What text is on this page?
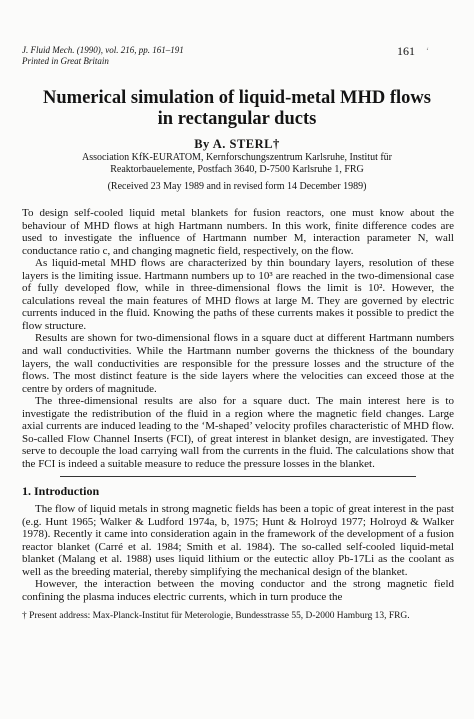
J. Fluid Mech. (1990), vol. 216, pp. 161–191
Printed in Great Britain
161 ‘
Numerical simulation of liquid-metal MHD flows
in rectangular ducts
By A. STERL†
Association KfK-EURATOM, Kernforschungszentrum Karlsruhe, Institut für
Reaktorbauelemente, Postfach 3640, D-7500 Karlsruhe 1, FRG
(Received 23 May 1989 and in revised form 14 December 1989)

To design self-cooled liquid metal blankets for fusion reactors, one must know about the behaviour of MHD flows at high Hartmann numbers. In this work, finite difference codes are used to investigate the influence of Hartmann number M, interaction parameter N, wall conductance ratio c, and changing magnetic field, respectively, on the flow.

As liquid-metal MHD flows are characterized by thin boundary layers, resolution of these layers is the limiting issue. Hartmann numbers up to 10³ are reached in the two-dimensional case of fully developed flow, while in three-dimensional flows the limit is 10². However, the calculations reveal the main features of MHD flows at large M. They are governed by electric currents induced in the fluid. Knowing the paths of these currents makes it possible to predict the flow structure.

Results are shown for two-dimensional flows in a square duct at different Hartmann numbers and wall conductivities. While the Hartmann number governs the thickness of the boundary layers, the wall conductivities are responsible for the pressure losses and the structure of the flows. The most distinct feature is the side layers where the velocities can exceed those at the centre by orders of magnitude.

The three-dimensional results are also for a square duct. The main interest here is to investigate the redistribution of the fluid in a region where the magnetic field changes. Large axial currents are induced leading to the ‘M-shaped’ velocity profiles characteristic of MHD flow. So-called Flow Channel Inserts (FCI), of great interest in blanket design, are investigated. They serve to decouple the load carrying wall from the currents in the fluid. The calculations show that the FCI is indeed a suitable measure to reduce the pressure losses in the blanket.

1. Introduction

The flow of liquid metals in strong magnetic fields has been a topic of great interest in the past (e.g. Hunt 1965; Walker & Ludford 1974a, b, 1975; Hunt & Holroyd 1977; Holroyd & Walker 1978). Recently it came into consideration again in the framework of the development of a fusion reactor blanket (Carré et al. 1984; Smith et al. 1984). The so-called self-cooled liquid-metal blanket (Malang et al. 1988) uses liquid lithium or the eutectic alloy Pb-17Li as the coolant as well as the breeding material, thereby simplifying the mechanical design of the blanket.

However, the interaction between the moving conductor and the strong magnetic field confining the plasma induces electric currents, which in turn produce the

† Present address: Max-Planck-Institut für Meterologie, Bundesstrasse 55, D-2000 Hamburg 13, FRG.
